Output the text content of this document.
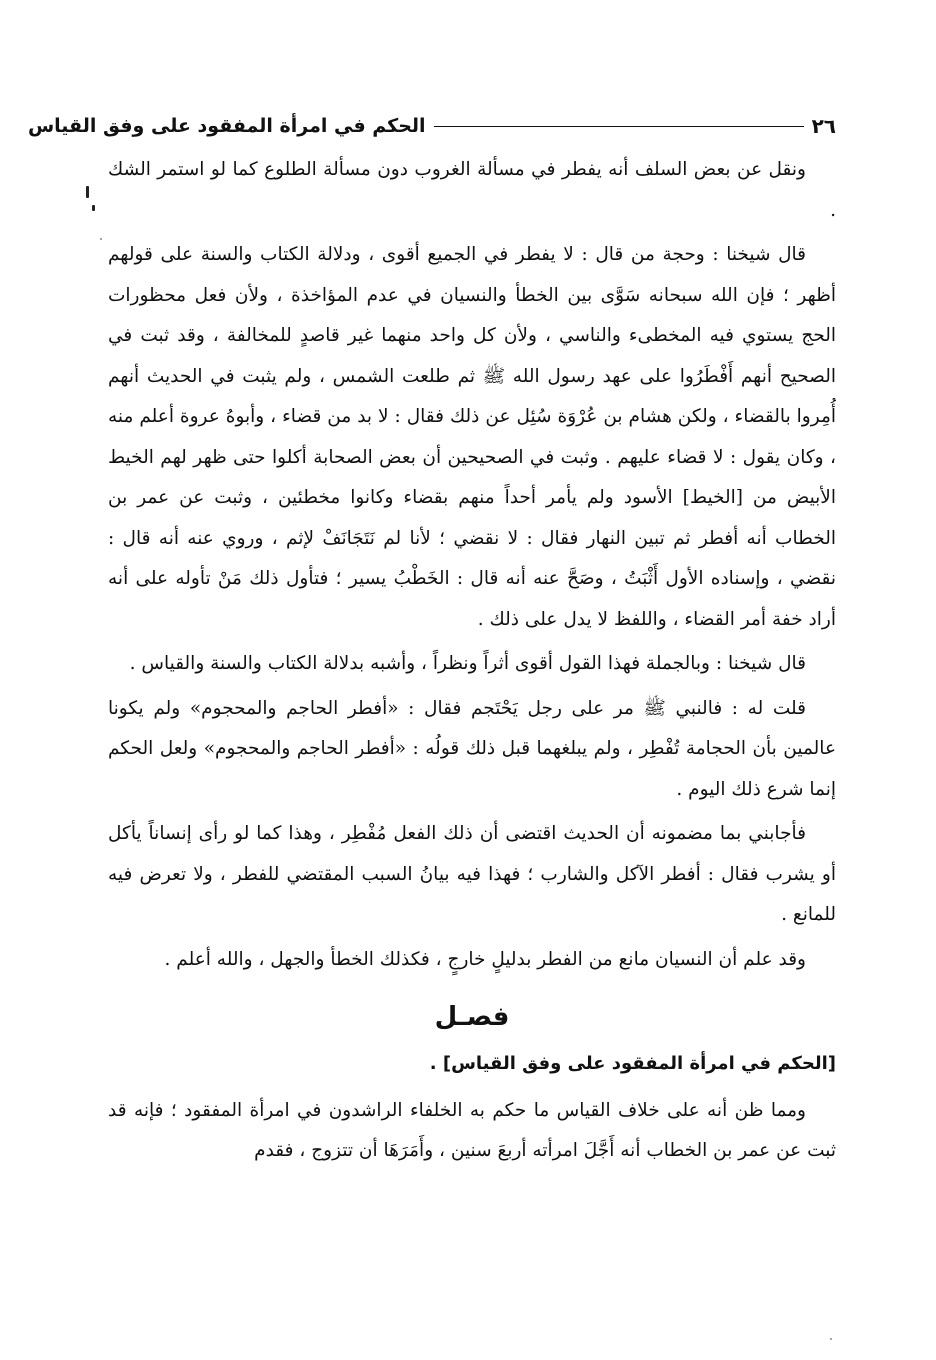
٢٦
الحكم في امرأة المفقود على وفق القياس

ونقل عن بعض السلف أنه يفطر في مسألة الغروب دون مسألة الطلوع كما لو استمر الشك .

قال شيخنا : وحجة من قال : لا يفطر في الجميع أقوى ، ودلالة الكتاب والسنة على قولهم أظهر ؛ فإن الله سبحانه سَوَّى بين الخطأ والنسيان في عدم المؤاخذة ، ولأن فعل محظورات الحج يستوي فيه المخطىء والناسي ، ولأن كل واحد منهما غير قاصدٍ للمخالفة ، وقد ثبت في الصحيح أنهم أَفْطَرُوا على عهد رسول الله ﷺ ثم طلعت الشمس ، ولم يثبت في الحديث أنهم أُمِروا بالقضاء ، ولكن هشام بن عُرْوَة سُئِل عن ذلك فقال : لا بد من قضاء ، وأبوهُ عروة أعلم منه ، وكان يقول : لا قضاء عليهم . وثبت في الصحيحين أن بعض الصحابة أكلوا حتى ظهر لهم الخيط الأبيض من [الخيط] الأسود ولم يأمر أحداً منهم بقضاء وكانوا مخطئين ، وثبت عن عمر بن الخطاب أنه أفطر ثم تبين النهار فقال : لا نقضي ؛ لأنا لم نَتَجَانَفْ لإثم ، وروي عنه أنه قال : نقضي ، وإسناده الأول أَثْبَتُ ، وصَحَّ عنه أنه قال : الخَطْبُ يسير ؛ فتأول ذلك مَنْ تأوله على أنه أراد خفة أمر القضاء ، واللفظ لا يدل على ذلك .

قال شيخنا : وبالجملة فهذا القول أقوى أثراً ونظراً ، وأشبه بدلالة الكتاب والسنة والقياس .

قلت له : فالنبي ﷺ مر على رجل يَحْتَجم فقال : «أفطر الحاجم والمحجوم» ولم يكونا عالمين بأن الحجامة تُفْطِر ، ولم يبلغهما قبل ذلك قولُه : «أفطر الحاجم والمحجوم» ولعل الحكم إنما شرع ذلك اليوم .

فأجابني بما مضمونه أن الحديث اقتضى أن ذلك الفعل مُفْطِر ، وهذا كما لو رأى إنساناً يأكل أو يشرب فقال : أفطر الآكل والشارب ؛ فهذا فيه بيانُ السبب المقتضي للفطر ، ولا تعرض فيه للمانع .

وقد علم أن النسيان مانع من الفطر بدليلٍ خارجٍ ، فكذلك الخطأ والجهل ، والله أعلم .

فصـل

[الحكم في امرأة المفقود على وفق القياس] .

ومما ظن أنه على خلاف القياس ما حكم به الخلفاء الراشدون في امرأة المفقود ؛ فإنه قد ثبت عن عمر بن الخطاب أنه أَجَّلَ امرأته أربعَ سنين ، وأَمَرَهَا أن تتزوج ، فقدم
